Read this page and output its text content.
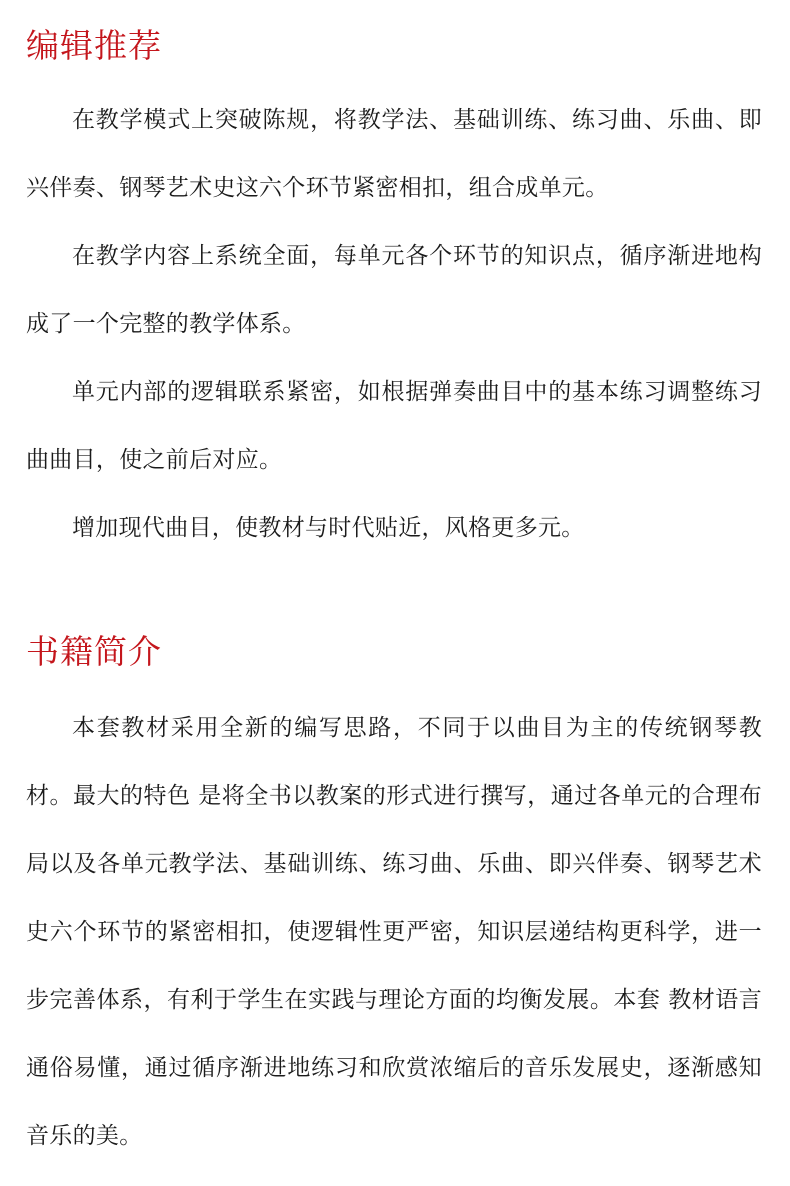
编辑推荐

在教学模式上突破陈规，将教学法、基础训练、练习曲、乐曲、即兴伴奏、钢琴艺术史这六个环节紧密相扣，组合成单元。

在教学内容上系统全面，每单元各个环节的知识点，循序渐进地构成了一个完整的教学体系。

单元内部的逻辑联系紧密，如根据弹奏曲目中的基本练习调整练习曲曲目，使之前后对应。

增加现代曲目，使教材与时代贴近，风格更多元。

书籍简介

本套教材采用全新的编写思路，不同于以曲目为主的传统钢琴教材。最大的特色 是将全书以教案的形式进行撰写，通过各单元的合理布局以及各单元教学法、基础训练、练习曲、乐曲、即兴伴奏、钢琴艺术史六个环节的紧密相扣，使逻辑性更严密，知识层递结构更科学，进一步完善体系，有利于学生在实践与理论方面的均衡发展。本套 教材语言通俗易懂，通过循序渐进地练习和欣赏浓缩后的音乐发展史，逐渐感知音乐的美。
